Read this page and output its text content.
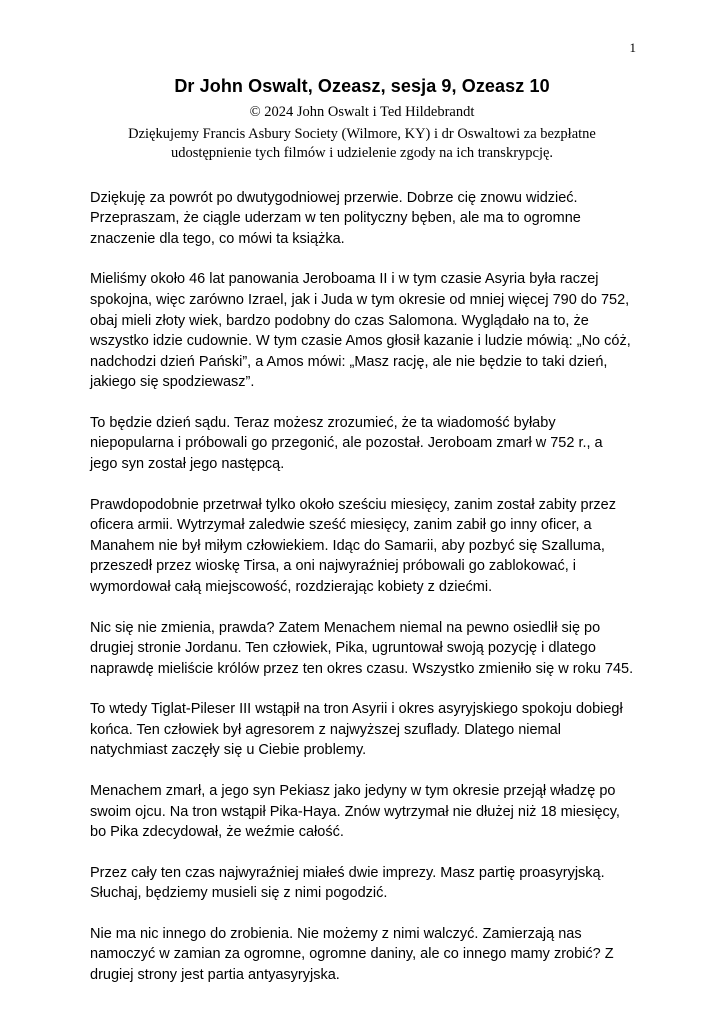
1
Dr John Oswalt, Ozeasz, sesja 9, Ozeasz 10

© 2024 John Oswalt i Ted Hildebrandt

Dziękujemy Francis Asbury Society (Wilmore, KY) i dr Oswaltowi za bezpłatne udostępnienie tych filmów i udzielenie zgody na ich transkrypcję.

Dziękuję za powrót po dwutygodniowej przerwie. Dobrze cię znowu widzieć. Przepraszam, że ciągle uderzam w ten polityczny bęben, ale ma to ogromne znaczenie dla tego, co mówi ta książka.

Mieliśmy około 46 lat panowania Jeroboama II i w tym czasie Asyria była raczej spokojna, więc zarówno Izrael, jak i Juda w tym okresie od mniej więcej 790 do 752, obaj mieli złoty wiek, bardzo podobny do czas Salomona. Wyglądało na to, że wszystko idzie cudownie. W tym czasie Amos głosił kazanie i ludzie mówią: „No cóż, nadchodzi dzień Pański”, a Amos mówi: „Masz rację, ale nie będzie to taki dzień, jakiego się spodziewasz”.

To będzie dzień sądu. Teraz możesz zrozumieć, że ta wiadomość byłaby niepopularna i próbowali go przegonić, ale pozostał. Jeroboam zmarł w 752 r., a jego syn został jego następcą.

Prawdopodobnie przetrwał tylko około sześciu miesięcy, zanim został zabity przez oficera armii. Wytrzymał zaledwie sześć miesięcy, zanim zabił go inny oficer, a Manahem nie był miłym człowiekiem. Idąc do Samarii, aby pozbyć się Szalluma, przeszedł przez wioskę Tirsa, a oni najwyraźniej próbowali go zablokować, i wymordował całą miejscowość, rozdzierając kobiety z dziećmi.

Nic się nie zmienia, prawda? Zatem Menachem niemal na pewno osiedlił się po drugiej stronie Jordanu. Ten człowiek, Pika, ugruntował swoją pozycję i dlatego naprawdę mieliście królów przez ten okres czasu. Wszystko zmieniło się w roku 745.

To wtedy Tiglat-Pileser III wstąpił na tron Asyrii i okres asyryjskiego spokoju dobiegł końca. Ten człowiek był agresorem z najwyższej szuflady. Dlatego niemal natychmiast zaczęły się u Ciebie problemy.

Menachem zmarł, a jego syn Pekiasz jako jedyny w tym okresie przejął władzę po swoim ojcu. Na tron wstąpił Pika-Haya. Znów wytrzymał nie dłużej niż 18 miesięcy, bo Pika zdecydował, że weźmie całość.

Przez cały ten czas najwyraźniej miałeś dwie imprezy. Masz partię proasyryjską. Słuchaj, będziemy musieli się z nimi pogodzić.

Nie ma nic innego do zrobienia. Nie możemy z nimi walczyć. Zamierzają nas namoczyć w zamian za ogromne, ogromne daniny, ale co innego mamy zrobić? Z drugiej strony jest partia antyasyryjska.
